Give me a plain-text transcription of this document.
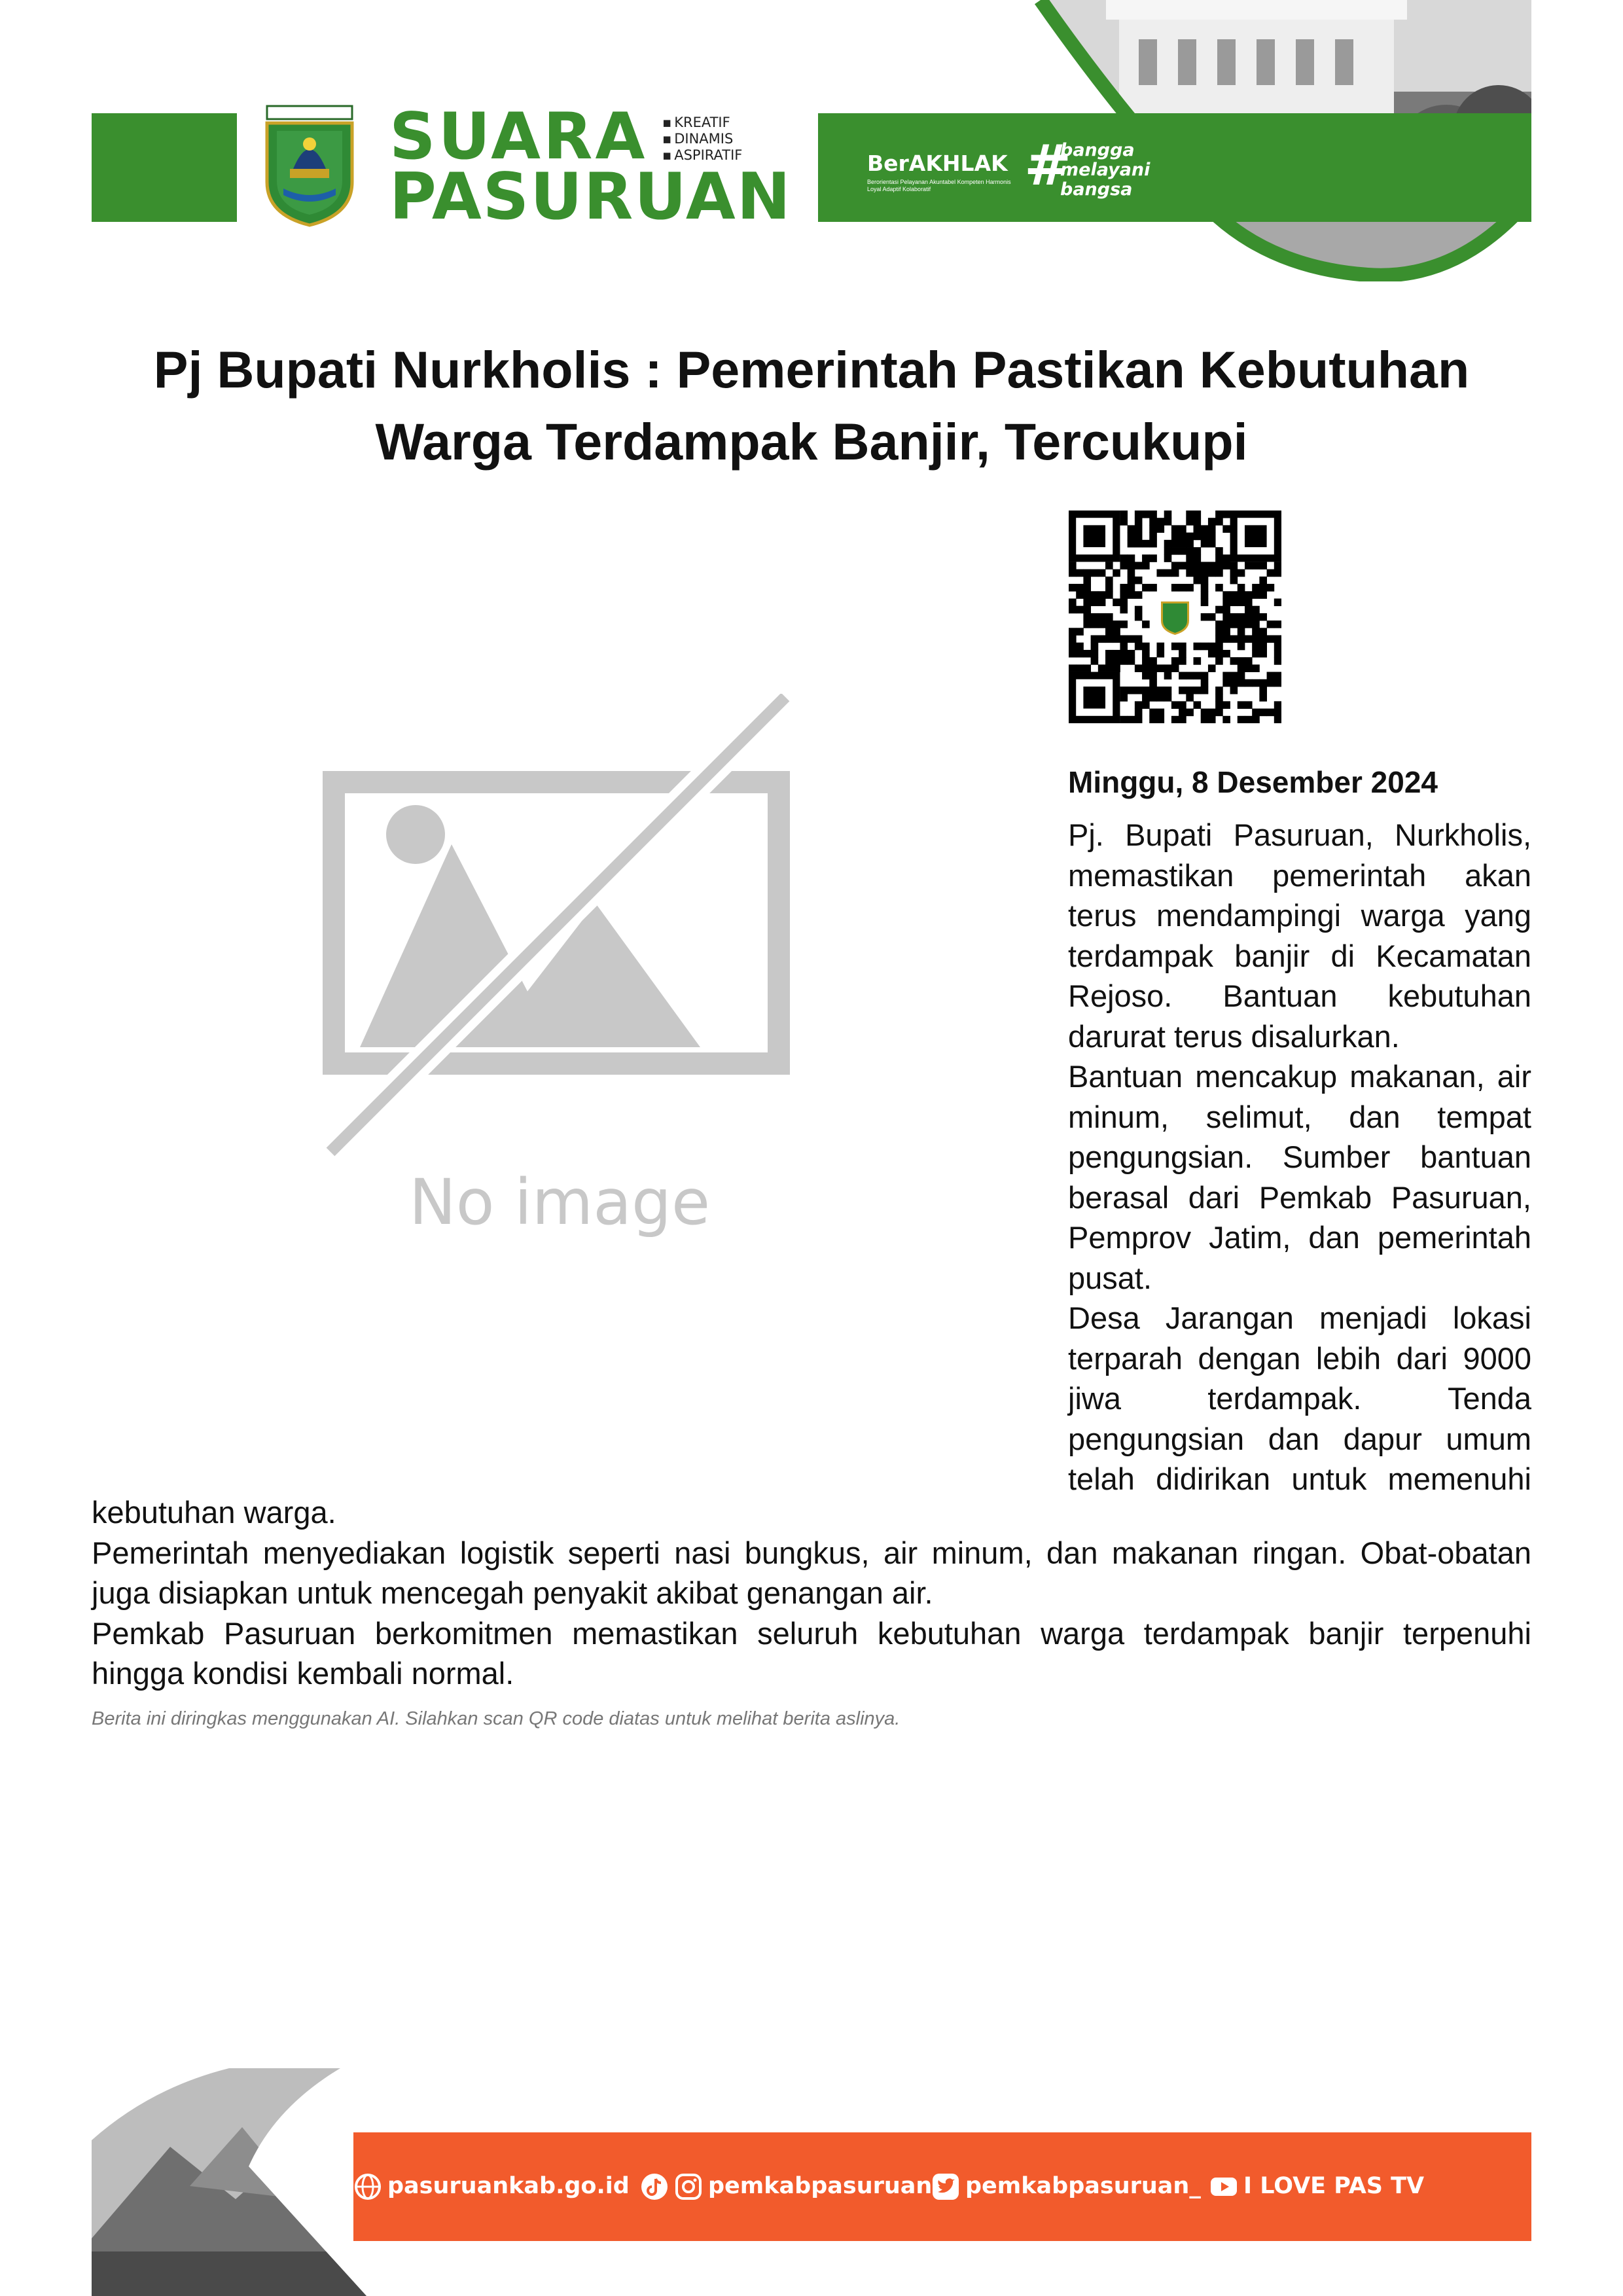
SUARA
PASURUAN
▪ KREATIF
▪ DINAMIS
▪ ASPIRATIF	BerAKHLAK
Berorientasi Pelayanan Akuntabel Kompeten Harmonis Loyal Adaptif Kolaboratif	#
bangga
melayani
bangsa
Pj Bupati Nurkholis : Pemerintah Pastikan Kebutuhan Warga Terdampak Banjir, Tercukupi
No image
Minggu, 8 Desember 2024

Pj. Bupati Pasuruan, Nurkholis, memastikan pemerintah akan terus mendampingi warga yang terdampak banjir di Kecamatan Rejoso. Bantuan kebutuhan darurat terus disalurkan.

Bantuan mencakup makanan, air minum, selimut, dan tempat pengungsian. Sumber bantuan berasal dari Pemkab Pasuruan, Pemprov Jatim, dan pemerintah pusat.

Desa Jarangan menjadi lokasi terparah dengan lebih dari 9000 jiwa terdampak. Tenda pengungsian dan dapur umum telah didirikan untuk memenuhi

kebutuhan warga.

Pemerintah menyediakan logistik seperti nasi bungkus, air minum, dan makanan ringan. Obat-obatan juga disiapkan untuk mencegah penyakit akibat genangan air.

Pemkab Pasuruan berkomitmen memastikan seluruh kebutuhan warga terdampak banjir terpenuhi hingga kondisi kembali normal.

Berita ini diringkas menggunakan AI. Silahkan scan QR code diatas untuk melihat berita aslinya.
pasuruankab.go.id	pemkabpasuruan	pemkabpasuruan_	I LOVE PAS TV
